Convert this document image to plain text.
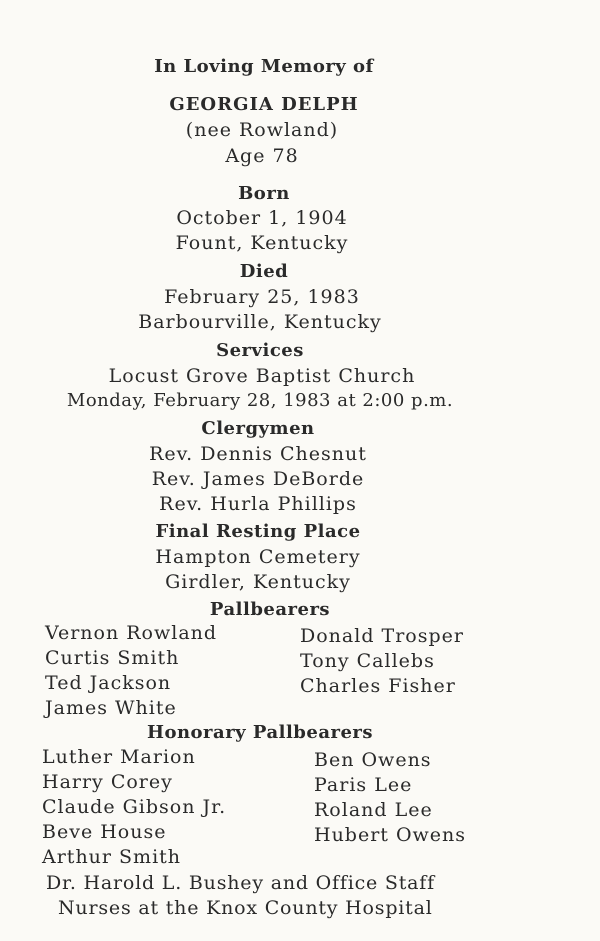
In Loving Memory of
GEORGIA DELPH
(nee Rowland)
Age 78
Born
October 1, 1904
Fount, Kentucky
Died
February 25, 1983
Barbourville, Kentucky
Services
Locust Grove Baptist Church
Monday, February 28, 1983 at 2:00 p.m.
Clergymen
Rev. Dennis Chesnut
Rev. James DeBorde
Rev. Hurla Phillips
Final Resting Place
Hampton Cemetery
Girdler, Kentucky
Pallbearers
Vernon Rowland
Curtis Smith
Ted Jackson
James White
Donald Trosper
Tony Callebs
Charles Fisher
Honorary Pallbearers
Luther Marion
Harry Corey
Claude Gibson Jr.
Beve House
Arthur Smith
Ben Owens
Paris Lee
Roland Lee
Hubert Owens
Dr. Harold L. Bushey and Office Staff
Nurses at the Knox County Hospital
